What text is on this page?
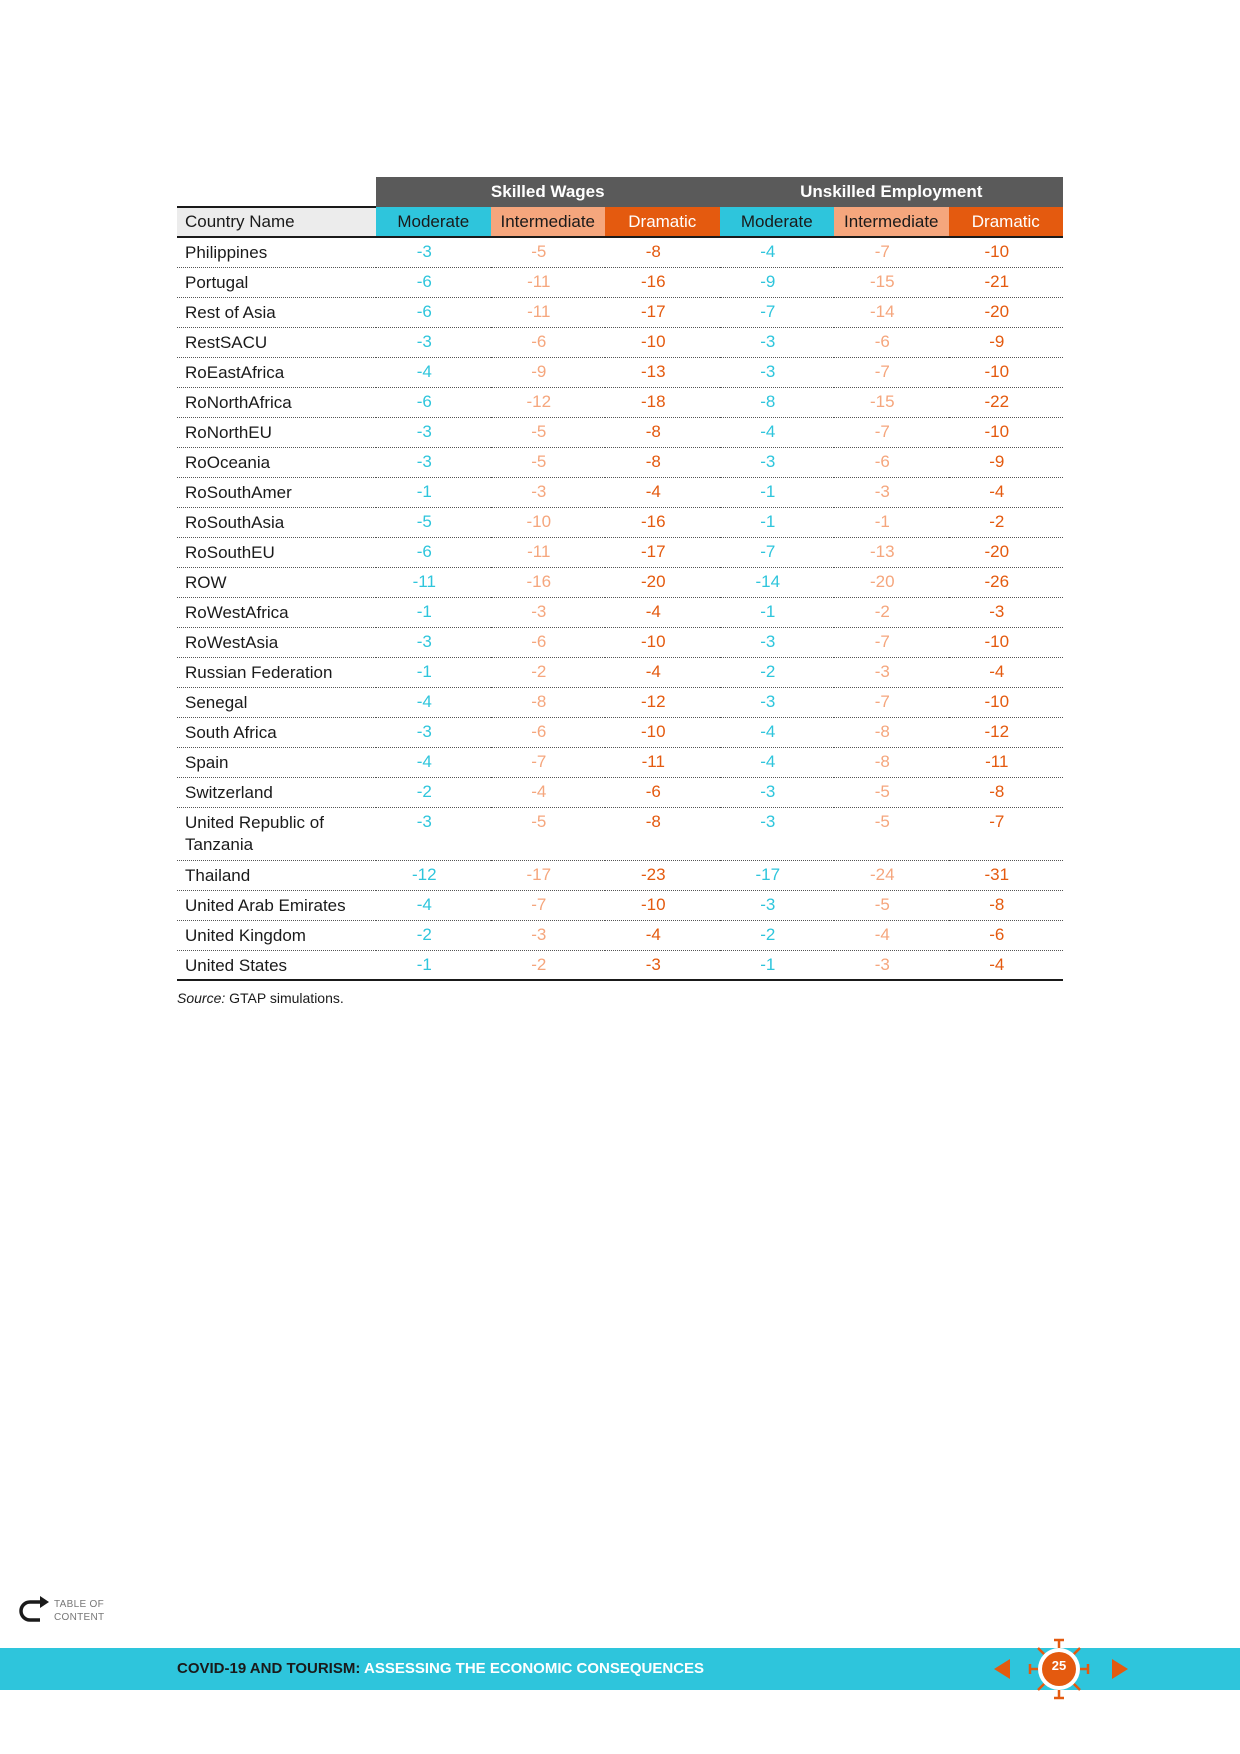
	Skilled Wages			Unskilled Employment		
Country Name	Moderate	Intermediate	Dramatic	Moderate	Intermediate	Dramatic
Philippines	-3	-5	-8	-4	-7	-10
Portugal	-6	-11	-16	-9	-15	-21
Rest of Asia	-6	-11	-17	-7	-14	-20
RestSACU	-3	-6	-10	-3	-6	-9
RoEastAfrica	-4	-9	-13	-3	-7	-10
RoNorthAfrica	-6	-12	-18	-8	-15	-22
RoNorthEU	-3	-5	-8	-4	-7	-10
RoOceania	-3	-5	-8	-3	-6	-9
RoSouthAmer	-1	-3	-4	-1	-3	-4
RoSouthAsia	-5	-10	-16	-1	-1	-2
RoSouthEU	-6	-11	-17	-7	-13	-20
ROW	-11	-16	-20	-14	-20	-26
RoWestAfrica	-1	-3	-4	-1	-2	-3
RoWestAsia	-3	-6	-10	-3	-7	-10
Russian Federation	-1	-2	-4	-2	-3	-4
Senegal	-4	-8	-12	-3	-7	-10
South Africa	-3	-6	-10	-4	-8	-12
Spain	-4	-7	-11	-4	-8	-11
Switzerland	-2	-4	-6	-3	-5	-8
United Republic of Tanzania	-3	-5	-8	-3	-5	-7
Thailand	-12	-17	-23	-17	-24	-31
United Arab Emirates	-4	-7	-10	-3	-5	-8
United Kingdom	-2	-3	-4	-2	-4	-6
United States	-1	-2	-3	-1	-3	-4
Source: GTAP simulations.
TABLE OF
CONTENT
COVID-19 AND TOURISM: ASSESSING THE ECONOMIC CONSEQUENCES	25
